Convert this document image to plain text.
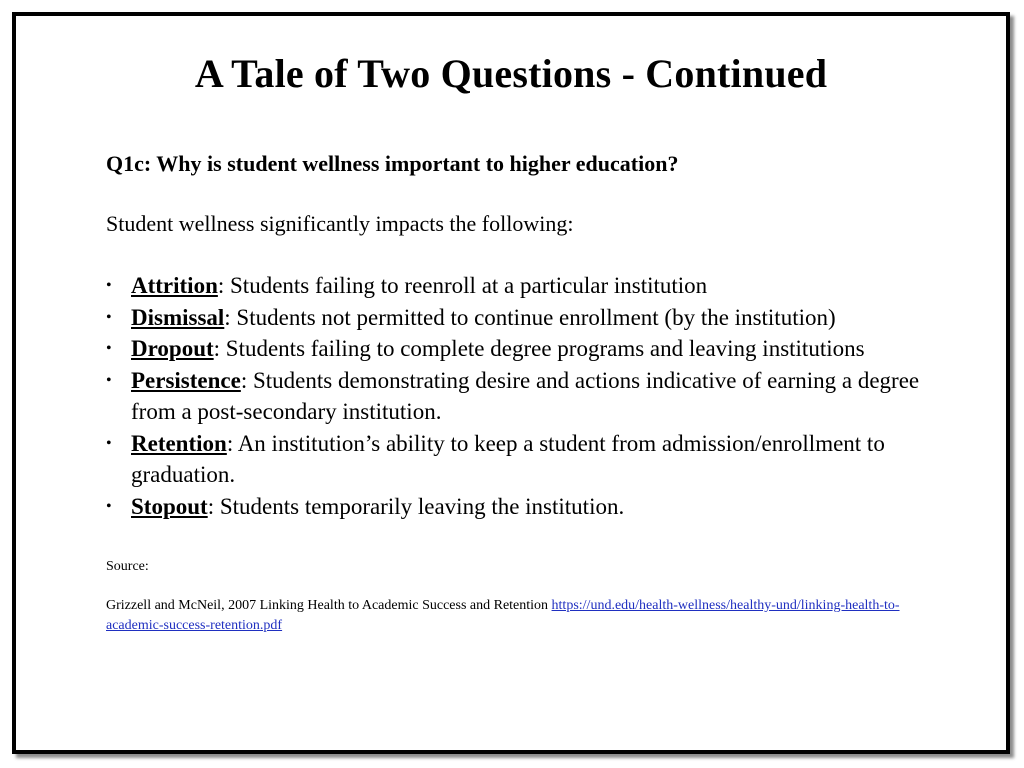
A Tale of Two Questions - Continued

Q1c: Why is student wellness important to higher education?

Student wellness significantly impacts the following:

• Attrition: Students failing to reenroll at a particular institution
• Dismissal: Students not permitted to continue enrollment (by the institution)
• Dropout: Students failing to complete degree programs and leaving institutions
• Persistence: Students demonstrating desire and actions indicative of earning a degree from a post-secondary institution.
• Retention: An institution’s ability to keep a student from admission/enrollment to graduation.
• Stopout: Students temporarily leaving the institution.

Source:

Grizzell and McNeil, 2007 Linking Health to Academic Success and Retention https://und.edu/health-wellness/healthy-und/linking-health-to-academic-success-retention.pdf
